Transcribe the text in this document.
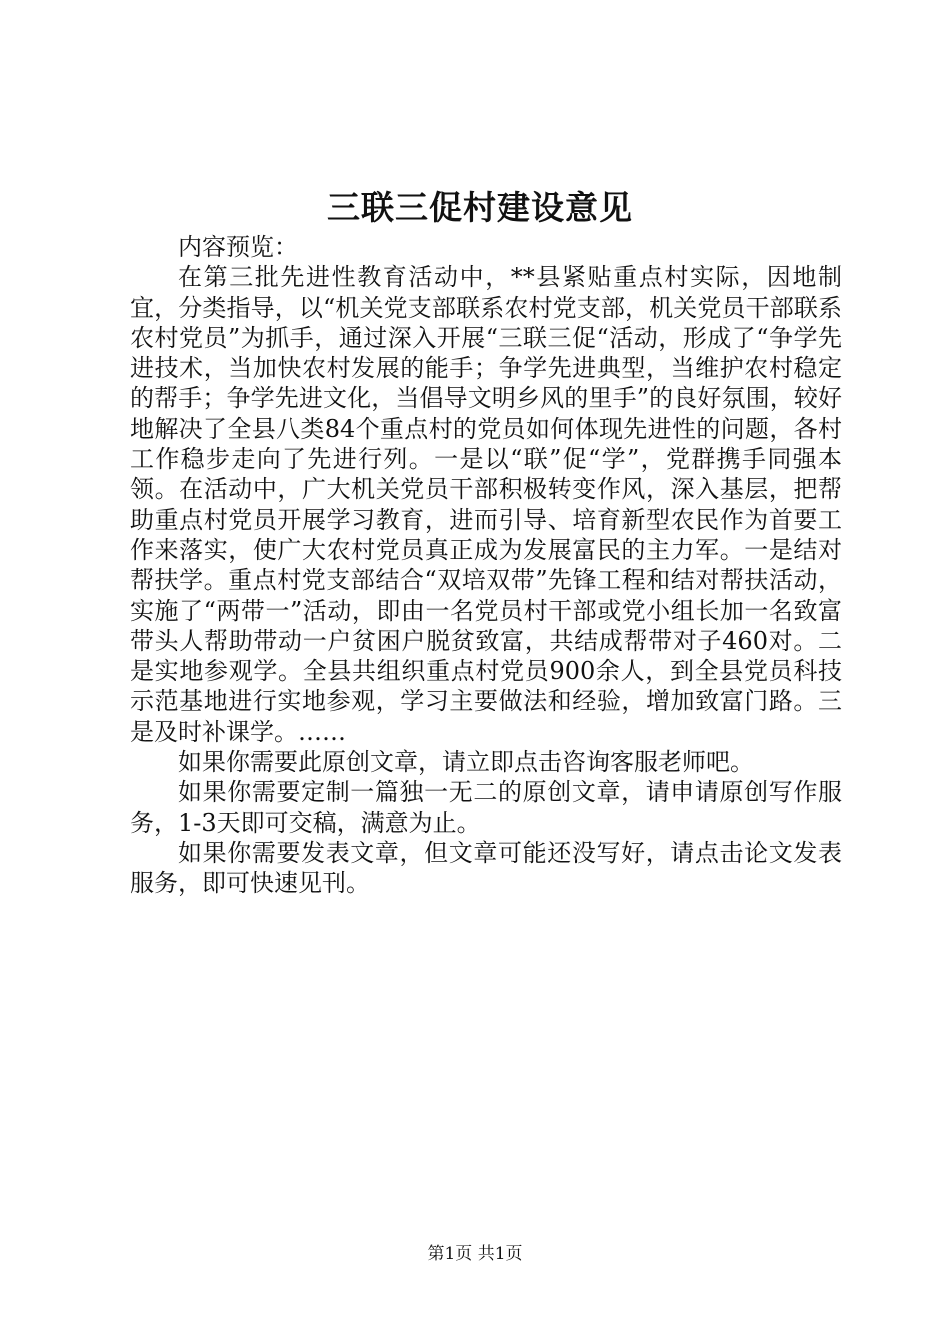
三联三促村建设意见

内容预览：

在第三批先进性教育活动中，**县紧贴重点村实际，因地制宜，分类指导，以“机关党支部联系农村党支部，机关党员干部联系农村党员”为抓手，通过深入开展“三联三促“活动，形成了“争学先进技术，当加快农村发展的能手；争学先进典型，当维护农村稳定的帮手；争学先进文化，当倡导文明乡风的里手”的良好氛围，较好地解决了全县八类84个重点村的党员如何体现先进性的问题，各村工作稳步走向了先进行列。一是以“联”促“学”，党群携手同强本领。在活动中，广大机关党员干部积极转变作风，深入基层，把帮助重点村党员开展学习教育，进而引导、培育新型农民作为首要工作来落实，使广大农村党员真正成为发展富民的主力军。一是结对帮扶学。重点村党支部结合“双培双带”先锋工程和结对帮扶活动，实施了“两带一”活动，即由一名党员村干部或党小组长加一名致富带头人帮助带动一户贫困户脱贫致富，共结成帮带对子460对。二是实地参观学。全县共组织重点村党员900余人，到全县党员科技示范基地进行实地参观，学习主要做法和经验，增加致富门路。三是及时补课学。……

如果你需要此原创文章，请立即点击咨询客服老师吧。

如果你需要定制一篇独一无二的原创文章，请申请原创写作服务，1-3天即可交稿，满意为止。

如果你需要发表文章，但文章可能还没写好，请点击论文发表服务，即可快速见刊。

第1页 共1页
